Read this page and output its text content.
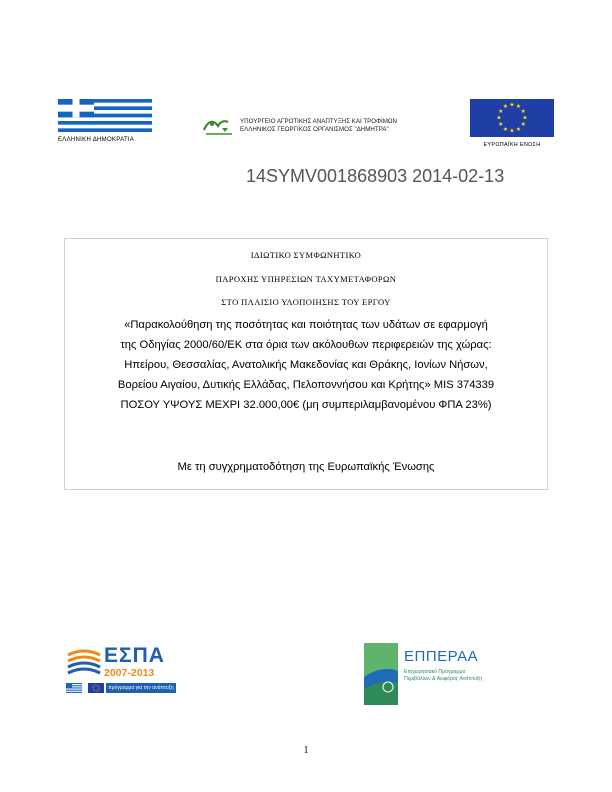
ΕΛΛΗΝΙΚΗ ΔΗΜΟΚΡΑΤΙΑ
ΥΠΟΥΡΓΕΙΟ ΑΓΡΟΤΙΚΗΣ ΑΝΑΠΤΥΞΗΣ ΚΑΙ ΤΡΟΦΙΜΩΝ
ΕΛΛΗΝΙΚΟΣ ΓΕΩΡΓΙΚΟΣ ΟΡΓΑΝΙΣΜΟΣ "ΔΗΜΗΤΡΑ"
★ ★
★
★
★
★
★
★
★
★
★
★
ΕΥΡΩΠΑΪΚΗ ΕΝΩΣΗ
14SYMV001868903 2014-02-13
ΙΔΙΩΤΙΚΟ ΣΥΜΦΩΝΗΤΙΚΟ
ΠΑΡΟΧΗΣ ΥΠΗΡΕΣΙΩΝ ΤΑΧΥΜΕΤΑΦΟΡΩΝ
ΣΤΟ ΠΛΑΙΣΙΟ ΥΛΟΠΟΙΗΣΗΣ ΤΟΥ ΕΡΓΟΥ
«Παρακολούθηση της ποσότητας και ποιότητας των υδάτων σε εφαρμογή
της Οδηγίας 2000/60/ΕΚ στα όρια των ακόλουθων περιφερειών της χώρας:
Ηπείρου, Θεσσαλίας, Ανατολικής Μακεδονίας και Θράκης, Ιονίων Νήσων,
Βορείου Αιγαίου, Δυτικής Ελλάδας, Πελοποννήσου και Κρήτης» MIS 374339
ΠΟΣΟΥ ΥΨΟΥΣ ΜΕΧΡΙ 32.000,00€ (μη συμπεριλαμβανομένου ΦΠΑ 23%)
Με τη συγχρηματοδότηση της Ευρωπαϊκής Ένωσης
ΕΣΠΑ
2007-2013
πρόγραμμα για την ανάπτυξη
ΕΠΠΕΡΑΑ
Επιχειρησιακό Πρόγραμμα
Περιβάλλον & Αειφόρος Ανάπτυξη
1
